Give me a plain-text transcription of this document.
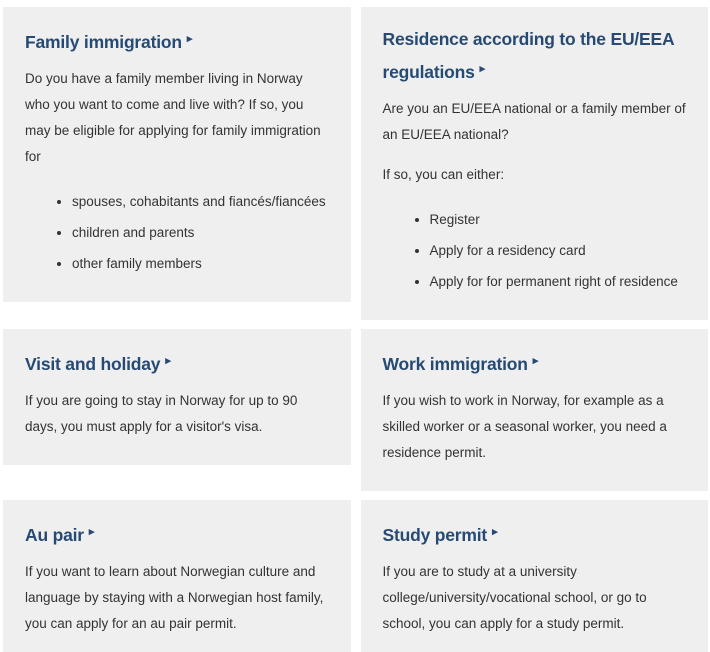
Family immigration ▸

Do you have a family member living in Norway who you want to come and live with? If so, you may be eligible for applying for family immigration for

• spouses, cohabitants and fiancés/fiancées
• children and parents
• other family members
Residence according to the EU/EEA regulations ▸

Are you an EU/EEA national or a family member of an EU/EEA national?

If so, you can either:

• Register
• Apply for a residency card
• Apply for for permanent right of residence
Visit and holiday ▸

If you are going to stay in Norway for up to 90 days, you must apply for a visitor's visa.

Work immigration ▸

If you wish to work in Norway, for example as a skilled worker or a seasonal worker, you need a residence permit.

Au pair ▸

If you want to learn about Norwegian culture and language by staying with a Norwegian host family, you can apply for an au pair permit.

Study permit ▸

If you are to study at a university college/university/vocational school, or go to school, you can apply for a study permit.
